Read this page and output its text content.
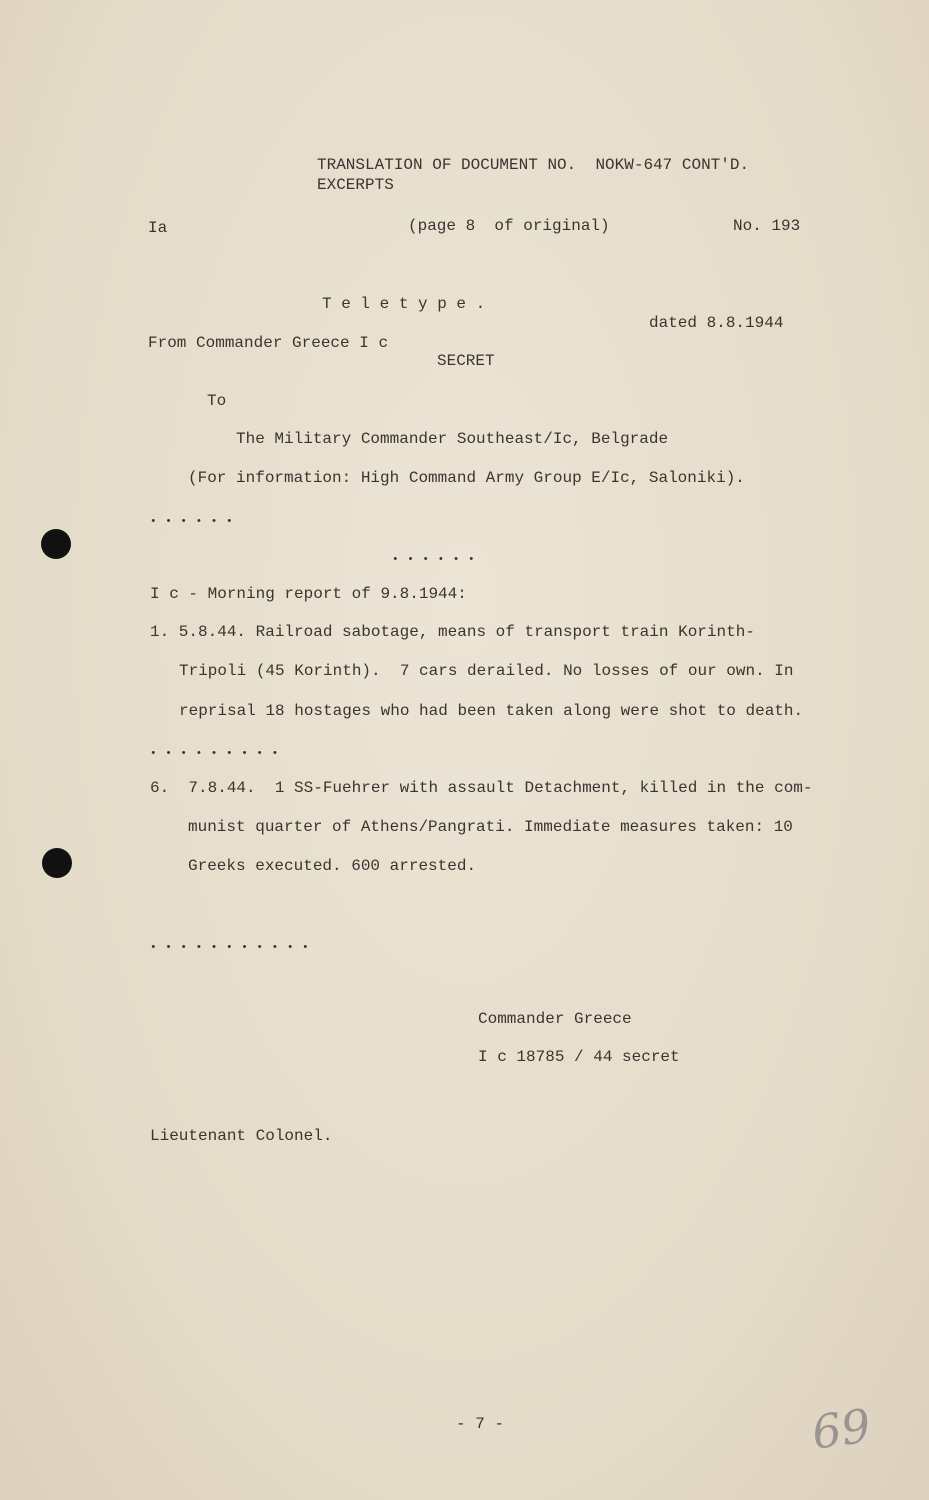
TRANSLATION OF DOCUMENT NO.  NOKW-647 CONT'D.
EXCERPTS
Ia	(page 8  of original)	No. 193
T e l e t y p e .
dated 8.8.1944
From Commander Greece I c
SECRET
To
The Military Commander Southeast/Ic, Belgrade
(For information: High Command Army Group E/Ic, Saloniki).
• • • • • •
• • • • • •
I c - Morning report of 9.8.1944:
1. 5.8.44. Railroad sabotage, means of transport train Korinth-
Tripoli (45 Korinth).  7 cars derailed. No losses of our own. In
reprisal 18 hostages who had been taken along were shot to death.
• • • • • • • • •
6.  7.8.44.  1 SS-Fuehrer with assault Detachment, killed in the com-
munist quarter of Athens/Pangrati. Immediate measures taken: 10
Greeks executed. 600 arrested.
• • • • • • • • • • •
Commander Greece
I c 18785 / 44 secret
Lieutenant Colonel.
- 7 -	69
